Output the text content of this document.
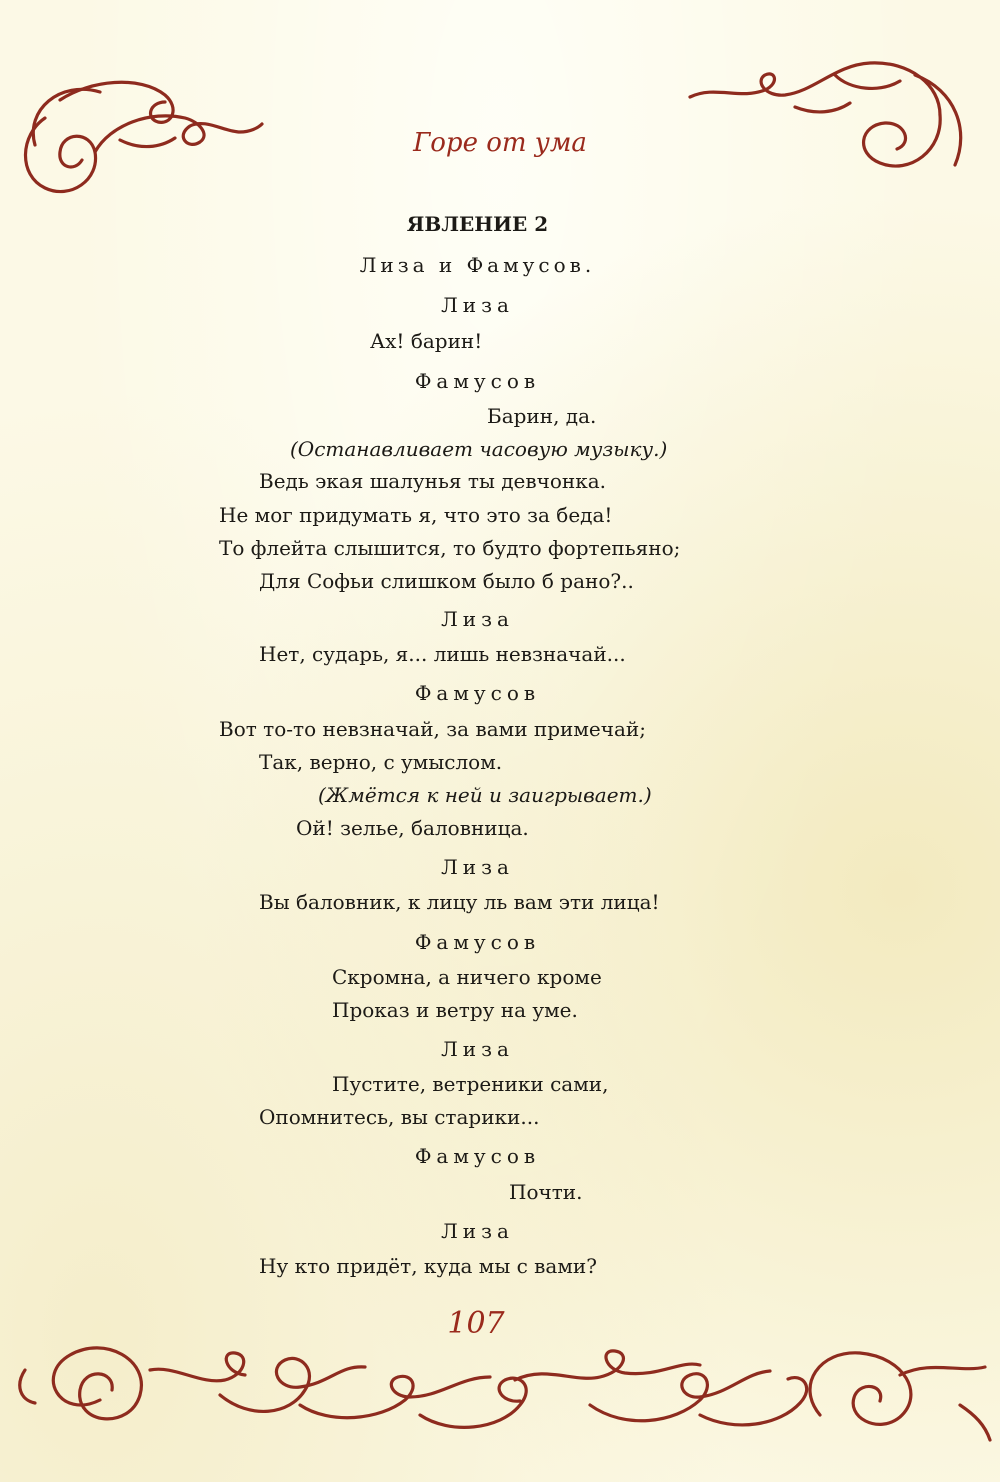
Горе от ума
ЯВЛЕНИЕ 2
Лиза и Фамусов.
Лиза
Ах! барин!
Фамусов
Барин, да.
(Останавливает часовую музыку.)
Ведь экая шалунья ты девчонка.
Не мог придумать я, что это за беда!
То флейта слышится, то будто фортепьяно;
Для Софьи слишком было б рано?..
Лиза
Нет, сударь, я... лишь невзначай...
Фамусов
Вот то-то невзначай, за вами примечай;
Так, верно, с умыслом.
(Жмётся к ней и заигрывает.)
Ой! зелье, баловница.
Лиза
Вы баловник, к лицу ль вам эти лица!
Фамусов
Скромна, а ничего кроме
Проказ и ветру на уме.
Лиза
Пустите, ветреники сами,
Опомнитесь, вы старики...
Фамусов
Почти.
Лиза
Ну кто придёт, куда мы с вами?
107
